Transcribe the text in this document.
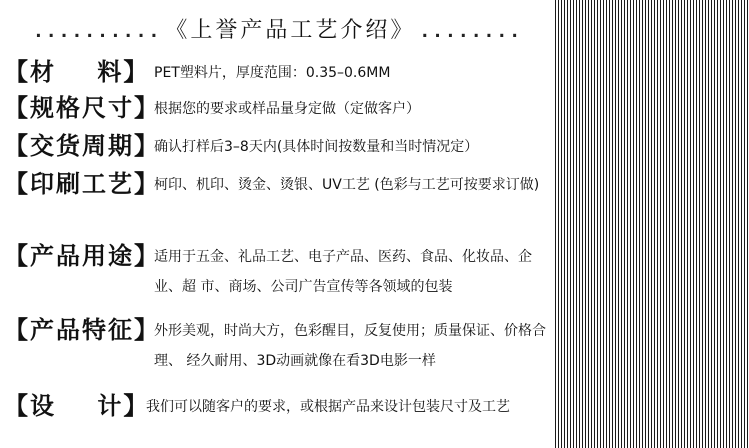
.......... 《上誉产品工艺介绍》 ........
【材    料】 PET塑料片，厚度范围：0.35–0.6MM
【规格尺寸】
根据您的要求或样品量身定做（定做客户）
【交货周期】
确认打样后3–8天内(具体时间按数量和当时情况定）
【印刷工艺】
柯印、机印、烫金、烫银、UV工艺 (色彩与工艺可按要求订做)
【产品用途】
适用于五金、礼品工艺、电子产品、医药、食品、化妆品、企业、超 市、商场、公司广告宣传等各领域的包装
【产品特征】
外形美观，时尚大方，色彩醒目，反复使用；质量保证、价格合理、 经久耐用、3D动画就像在看3D电影一样
【设    计】
我们可以随客户的要求，或根据产品来设计包装尺寸及工艺
